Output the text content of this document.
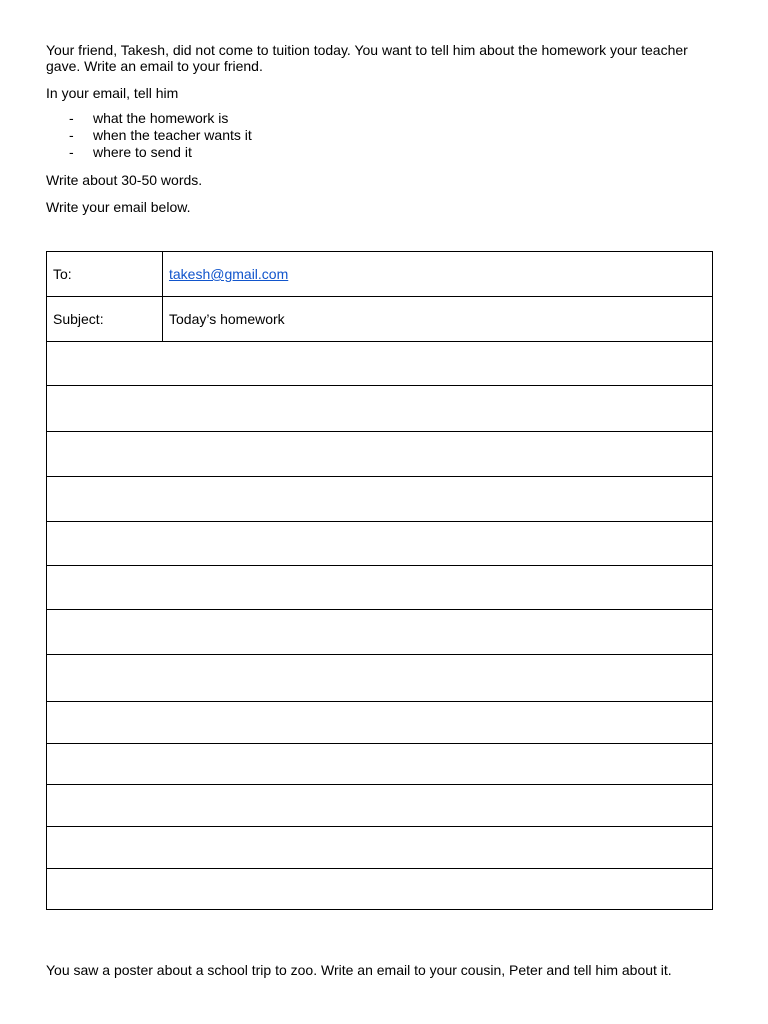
Your friend, Takesh, did not come to tuition today. You want to tell him about the homework your teacher gave. Write an email to your friend.

In your email, tell him

- what the homework is
- when the teacher wants it
- where to send it

Write about 30-50 words.

Write your email below.

To:	takesh@gmail.com
Subject:	Today’s homework

You saw a poster about a school trip to zoo. Write an email to your cousin, Peter and tell him about it.
